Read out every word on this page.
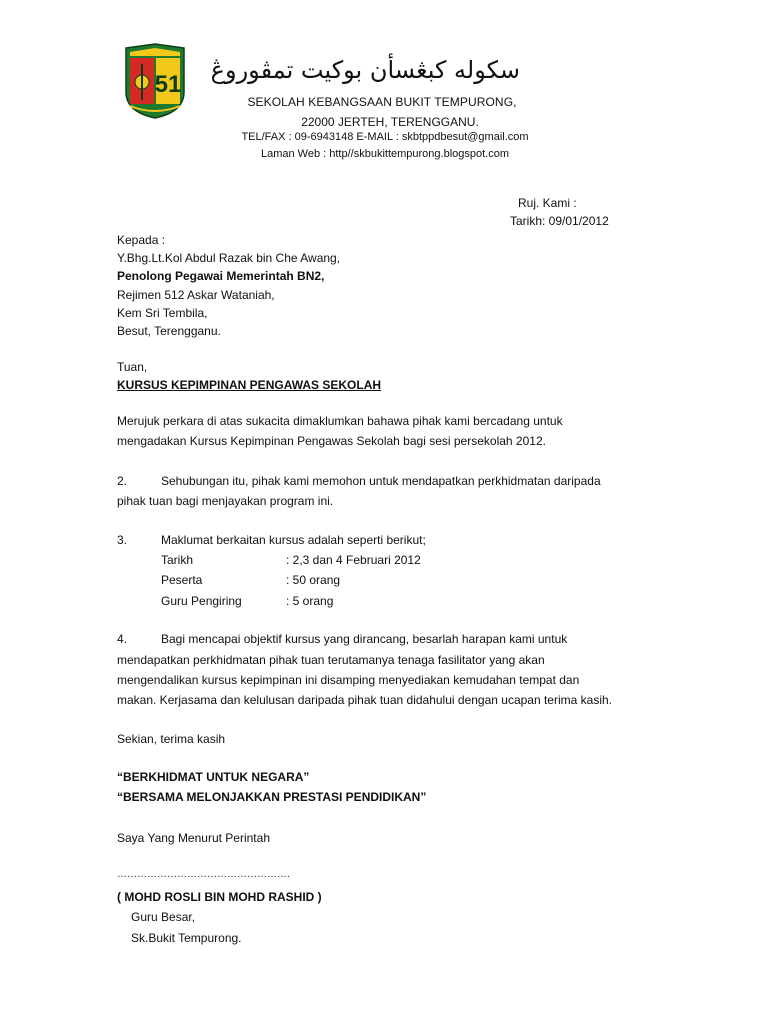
51
سکوله کبڠسأن بوکيت تمڤوروڠ
SEKOLAH KEBANGSAAN BUKIT TEMPURONG,
22000 JERTEH, TERENGGANU.
TEL/FAX : 09-6943148 E-MAIL : skbtppdbesut@gmail.com
Laman Web : http//skbukittempurong.blogspot.com
Ruj. Kami :
Tarikh: 09/01/2012
Kepada :
Y.Bhg.Lt.Kol Abdul Razak bin Che Awang,
Penolong Pegawai Memerintah BN2,
Rejimen 512 Askar Wataniah,
Kem Sri Tembila,
Besut, Terengganu.
Tuan,
KURSUS KEPIMPINAN PENGAWAS SEKOLAH
Merujuk perkara di atas sukacita dimaklumkan bahawa pihak kami bercadang untuk
mengadakan Kursus Kepimpinan Pengawas Sekolah bagi sesi persekolah 2012.
2.	Sehubungan itu, pihak kami memohon untuk mendapatkan perkhidmatan daripada
pihak tuan bagi menjayakan program ini.
3.	Maklumat berkaitan kursus adalah seperti berikut;
Tarikh	: 2,3 dan 4 Februari 2012
Peserta	: 50 orang
Guru Pengiring	: 5 orang
4.	Bagi mencapai objektif kursus yang dirancang, besarlah harapan kami untuk
mendapatkan perkhidmatan pihak tuan terutamanya tenaga fasilitator yang akan
mengendalikan kursus kepimpinan ini disamping menyediakan kemudahan tempat dan
makan. Kerjasama dan kelulusan daripada pihak tuan didahului dengan ucapan terima kasih.
Sekian, terima kasih
“BERKHIDMAT UNTUK NEGARA”
“BERSAMA MELONJAKKAN PRESTASI PENDIDIKAN”
Saya Yang Menurut Perintah
…………………………………………….
( MOHD ROSLI BIN MOHD RASHID )
Guru Besar,
Sk.Bukit Tempurong.
